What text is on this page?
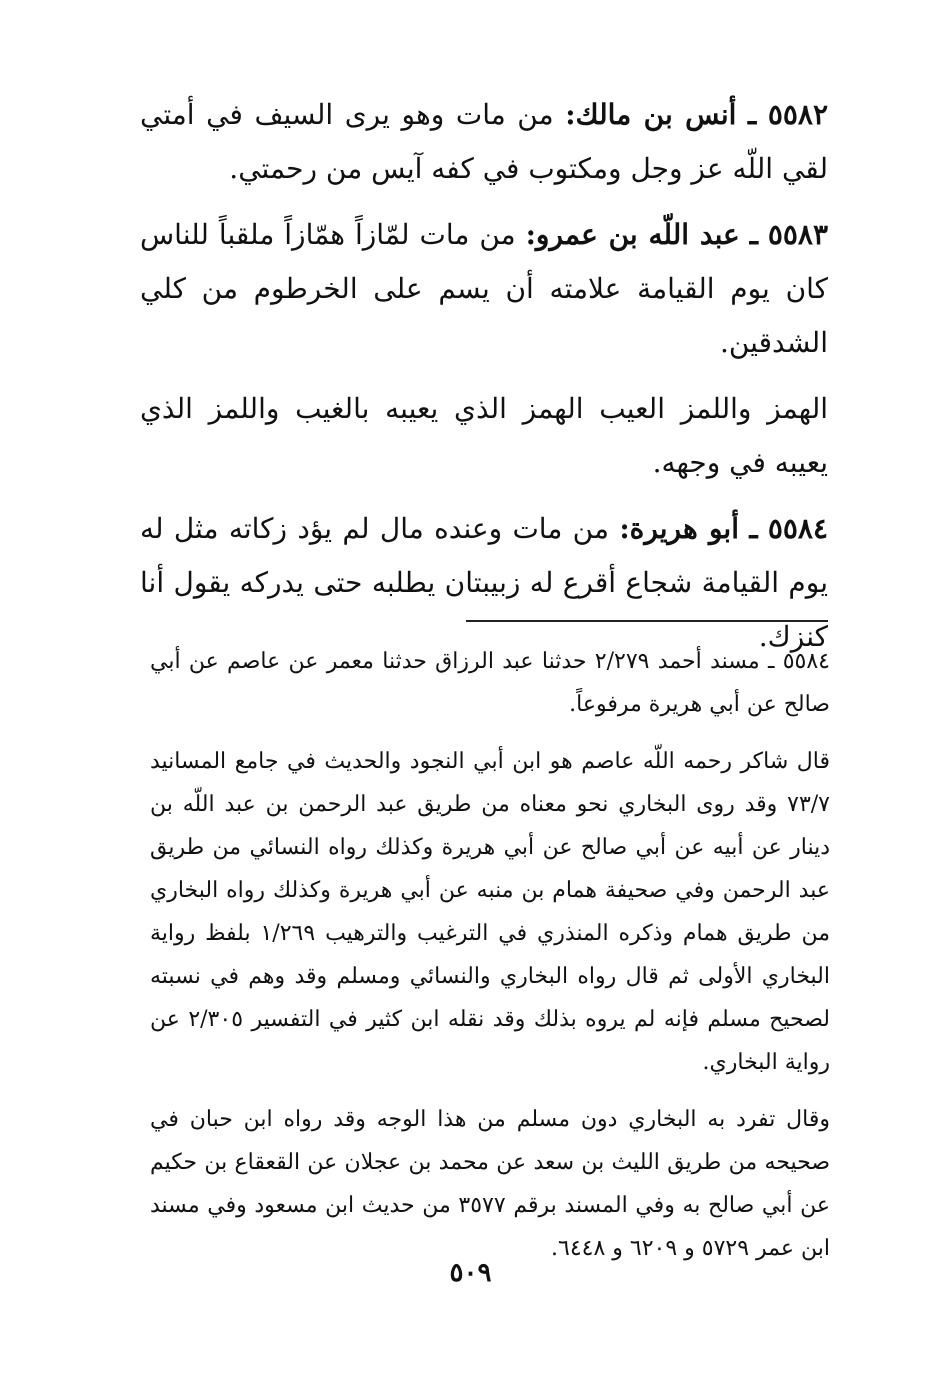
٥٥٨٢ ـ أنس بن مالك: من مات وهو يرى السيف في أمتي لقي اللّه عز وجل ومكتوب في كفه آيس من رحمتي.

٥٥٨٣ ـ عبد اللّه بن عمرو: من مات لمّازاً همّازاً ملقباً للناس كان يوم القيامة علامته أن يسم على الخرطوم من كلي الشدقين.

الهمز واللمز العيب الهمز الذي يعيبه بالغيب واللمز الذي يعيبه في وجهه.

٥٥٨٤ ـ أبو هريرة: من مات وعنده مال لم يؤد زكاته مثل له يوم القيامة شجاع أقرع له زبيبتان يطلبه حتى يدركه يقول أنا كنزك.

٥٥٨٤ ـ مسند أحمد ٢/٢٧٩ حدثنا عبد الرزاق حدثنا معمر عن عاصم عن أبي صالح عن أبي هريرة مرفوعاً.

قال شاكر رحمه اللّه عاصم هو ابن أبي النجود والحديث في جامع المسانيد ٧٣/٧ وقد روى البخاري نحو معناه من طريق عبد الرحمن بن عبد اللّه بن دينار عن أبيه عن أبي صالح عن أبي هريرة وكذلك رواه النسائي من طريق عبد الرحمن وفي صحيفة همام بن منبه عن أبي هريرة وكذلك رواه البخاري من طريق همام وذكره المنذري في الترغيب والترهيب ١/٢٦٩ بلفظ رواية البخاري الأولى ثم قال رواه البخاري والنسائي ومسلم وقد وهم في نسبته لصحيح مسلم فإنه لم يروه بذلك وقد نقله ابن كثير في التفسير ٢/٣٠٥ عن رواية البخاري.

وقال تفرد به البخاري دون مسلم من هذا الوجه وقد رواه ابن حبان في صحيحه من طريق الليث بن سعد عن محمد بن عجلان عن القعقاع بن حكيم عن أبي صالح به وفي المسند برقم ٣٥٧٧ من حديث ابن مسعود وفي مسند ابن عمر ٥٧٢٩ و ٦٢٠٩ و ٦٤٤٨.

٥٠٩
